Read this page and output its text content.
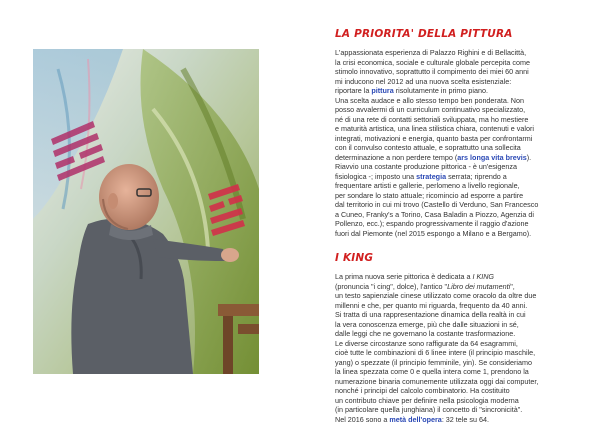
LA PRIORITA' DELLA PITTURA
L'appassionata esperienza di Palazzo Righini e di Bellacittà,
la crisi economica, sociale e culturale globale percepita come
stimolo innovativo, soprattutto il compimento dei miei 60 anni
mi inducono nel 2012 ad una nuova scelta esistenziale:
riportare la pittura risolutamente in primo piano.
Una scelta audace e allo stesso tempo ben ponderata. Non
posso avvalermi di un curriculum continuativo specializzato,
né di una rete di contatti settoriali sviluppata, ma ho mestiere
e maturità artistica, una linea stilistica chiara, contenuti e valori
integrati, motivazioni e energia, quanto basta per confrontarmi
con il convulso contesto attuale, e soprattutto una sollecita
determinazione a non perdere tempo (ars longa vita brevis).
Riavvio una costante produzione pittorica - è un'esigenza
fisiologica -; imposto una strategia serrata; riprendo a
frequentare artisti e gallerie, perlomeno a livello regionale,
per sondare lo stato attuale; ricomincio ad esporre a partire
dal territorio in cui mi trovo (Castello di Verduno, San Francesco
a Cuneo, Franky's a Torino, Casa Baladin a Piozzo, Agenzia di
Pollenzo, ecc.); espando progressivamente il raggio d'azione
fuori dal Piemonte (nel 2015 espongo a Milano e a Bergamo).
I KING
La prima nuova serie pittorica è dedicata a I KING
(pronuncia "i cing", dolce), l'antico "Libro dei mutamenti",
un testo sapienziale cinese utilizzato come oracolo da oltre due
millenni e che, per quanto mi riguarda, frequento da 40 anni.
Si tratta di una rappresentazione dinamica della realtà in cui
la vera conoscenza emerge, più che dalle situazioni in sé,
dalle leggi che ne governano la costante trasformazione.
Le diverse circostanze sono raffigurate da 64 esagrammi,
cioè tutte le combinazioni di 6 linee intere (il principio maschile,
yang) o spezzate (il principio femminile, yin). Se consideriamo
la linea spezzata come 0 e quella intera come 1, prendono la
numerazione binaria comunemente utilizzata oggi dai computer,
nonché i principi del calcolo combinatorio. Ha costituito
un contributo chiave per definire nella psicologia moderna
(in particolare quella junghiana) il concetto di "sincronicità".
Nel 2016 sono a metà dell'opera: 32 tele su 64.
